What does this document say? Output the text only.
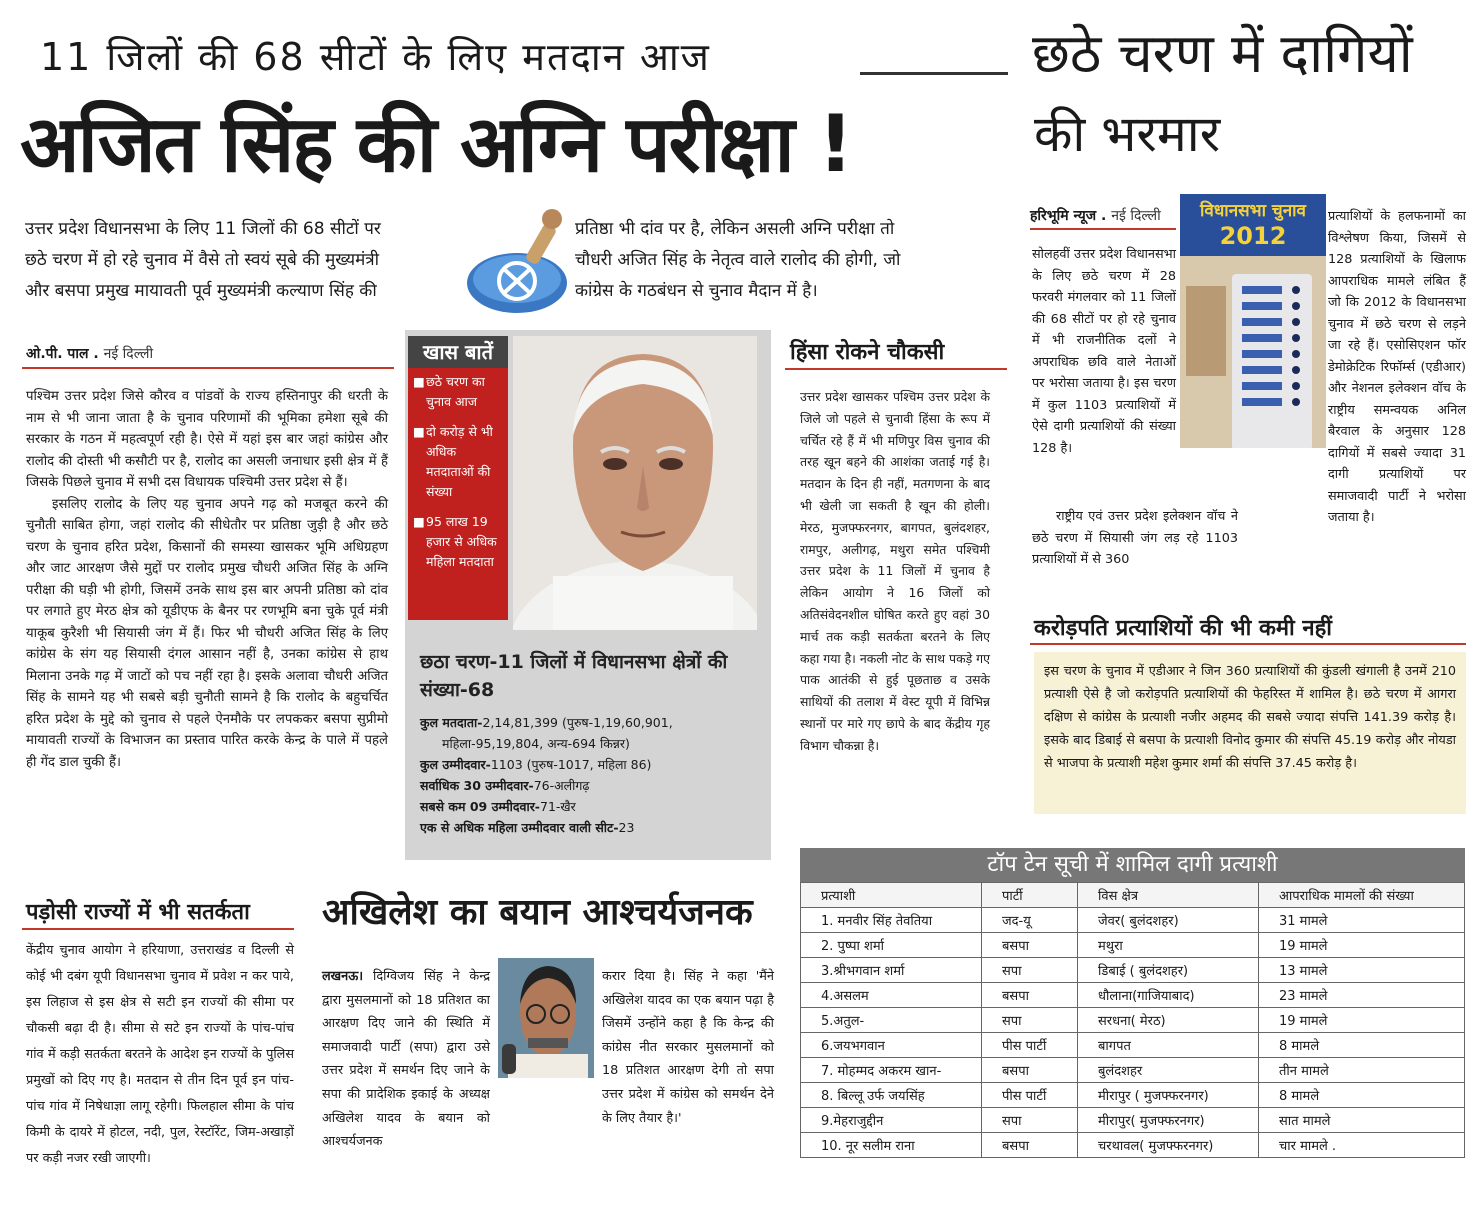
11 जिलों की 68 सीटों के लिए मतदान आज
अजित सिंह की अग्नि परीक्षा !
छठे चरण में दागियों
की भरमार
उत्तर प्रदेश विधानसभा के लिए 11 जिलों की 68 सीटों पर
छठे चरण में हो रहे चुनाव में वैसे तो स्वयं सूबे की मुख्यमंत्री
और बसपा प्रमुख मायावती पूर्व मुख्यमंत्री कल्याण सिंह की
प्रतिष्ठा भी दांव पर है, लेकिन असली अग्नि परीक्षा तो
चौधरी अजित सिंह के नेतृत्व वाले रालोद की होगी, जो
कांग्रेस के गठबंधन से चुनाव मैदान में है।
ओ.पी. पाल . नई दिल्ली

पश्चिम उत्तर प्रदेश जिसे कौरव व पांडवों के राज्य हस्तिनापुर की धरती के नाम से भी जाना जाता है के चुनाव परिणामों की भूमिका हमेशा सूबे की सरकार के गठन में महत्वपूर्ण रही है। ऐसे में यहां इस बार जहां कांग्रेस और रालोद की दोस्ती भी कसौटी पर है, रालोद का असली जनाधार इसी क्षेत्र में हैं जिसके पिछले चुनाव में सभी दस विधायक पश्चिमी उत्तर प्रदेश से हैं।

इसलिए रालोद के लिए यह चुनाव अपने गढ़ को मजबूत करने की चुनौती साबित होगा, जहां रालोद की सीधेतौर पर प्रतिष्ठा जुड़ी है और छठे चरण के चुनाव हरित प्रदेश, किसानों की समस्या खासकर भूमि अधिग्रहण और जाट आरक्षण जैसे मुद्दों पर रालोद प्रमुख चौधरी अजित सिंह के अग्नि परीक्षा की घड़ी भी होगी, जिसमें उनके साथ इस बार अपनी प्रतिष्ठा को दांव पर लगाते हुए मेरठ क्षेत्र को यूडीएफ के बैनर पर रणभूमि बना चुके पूर्व मंत्री याकूब कुरैशी भी सियासी जंग में हैं। फिर भी चौधरी अजित सिंह के लिए कांग्रेस के संग यह सियासी दंगल आसान नहीं है, उनका कांग्रेस से हाथ मिलाना उनके गढ़ में जाटों को पच नहीं रहा है। इसके अलावा चौधरी अजित सिंह के सामने यह भी सबसे बड़ी चुनौती सामने है कि रालोद के बहुचर्चित हरित प्रदेश के मुद्दे को चुनाव से पहले ऐनमौके पर लपककर बसपा सुप्रीमो मायावती राज्यों के विभाजन का प्रस्ताव पारित करके केन्द्र के पाले में पहले ही गेंद डाल चुकी हैं।

खास बातें
■ छठे चरण का चुनाव आज
■ दो करोड़ से भी अधिक मतदाताओं की संख्या
■ 95 लाख 19 हजार से अधिक महिला मतदाता
छठा चरण-11 जिलों में विधानसभा क्षेत्रों की संख्या-68
कुल मतदाता-2,14,81,399 (पुरुष-1,19,60,901, महिला-95,19,804, अन्य-694 किन्नर)
कुल उम्मीदवार-1103 (पुरुष-1017, महिला 86)
सर्वाधिक 30 उम्मीदवार-76-अलीगढ़
सबसे कम 09 उम्मीदवार-71-खैर
एक से अधिक महिला उम्मीदवार वाली सीट-23
हिंसा रोकने चौकसी

उत्तर प्रदेश खासकर पश्चिम उत्तर प्रदेश के जिले जो पहले से चुनावी हिंसा के रूप में चर्चित रहे हैं में भी मणिपुर विस चुनाव की तरह खून बहने की आशंका जताई गई है। मतदान के दिन ही नहीं, मतगणना के बाद भी खेली जा सकती है खून की होली। मेरठ, मुजफ्फरनगर, बागपत, बुलंदशहर, रामपुर, अलीगढ़, मथुरा समेत पश्चिमी उत्तर प्रदेश के 11 जिलों में चुनाव है लेकिन आयोग ने 16 जिलों को अतिसंवेदनशील घोषित करते हुए वहां 30 मार्च तक कड़ी सतर्कता बरतने के लिए कहा गया है। नकली नोट के साथ पकड़े गए पाक आतंकी से हुई पूछताछ व उसके साथियों की तलाश में वेस्ट यूपी में विभिन्न स्थानों पर मारे गए छापे के बाद केंद्रीय गृह विभाग चौकन्ना है।

पड़ोसी राज्यों में भी सतर्कता

केंद्रीय चुनाव आयोग ने हरियाणा, उत्तराखंड व दिल्ली से कोई भी दबंग यूपी विधानसभा चुनाव में प्रवेश न कर पाये, इस लिहाज से इस क्षेत्र से सटी इन राज्यों की सीमा पर चौकसी बढ़ा दी है। सीमा से सटे इन राज्यों के पांच-पांच गांव में कड़ी सतर्कता बरतने के आदेश इन राज्यों के पुलिस प्रमुखों को दिए गए है। मतदान से तीन दिन पूर्व इन पांच-पांच गांव में निषेधाज्ञा लागू रहेगी। फिलहाल सीमा के पांच किमी के दायरे में होटल, नदी, पुल, रेस्टॉरेंट, जिम-अखाड़ों पर कड़ी नजर रखी जाएगी।

अखिलेश का बयान आश्चर्यजनक
लखनऊ। दिग्विजय सिंह ने केन्द्र द्वारा मुसलमानों को 18 प्रतिशत का आरक्षण दिए जाने की स्थिति में समाजवादी पार्टी (सपा) द्वारा उसे उत्तर प्रदेश में समर्थन दिए जाने के सपा की प्रादेशिक इकाई के अध्यक्ष अखिलेश यादव के बयान को आश्चर्यजनक

करार दिया है। सिंह ने कहा 'मैंने अखिलेश यादव का एक बयान पढ़ा है जिसमें उन्होंने कहा है कि केन्द्र की कांग्रेस नीत सरकार मुसलमानों को 18 प्रतिशत आरक्षण देगी तो सपा उत्तर प्रदेश में कांग्रेस को समर्थन देने के लिए तैयार है।'

हरिभूमि न्यूज . नई दिल्ली

सोलहवीं उत्तर प्रदेश विधानसभा के लिए छठे चरण में 28 फरवरी मंगलवार को 11 जिलों की 68 सीटों पर हो रहे चुनाव में भी राजनीतिक दलों ने अपराधिक छवि वाले नेताओं पर भरोसा जताया है। इस चरण में कुल 1103 प्रत्याशियों में ऐसे दागी प्रत्याशियों की संख्या 128 है।

विधानसभा चुनाव
2012

राष्ट्रीय एवं उत्तर प्रदेश इलेक्शन वॉच ने छठे चरण में सियासी जंग लड़ रहे 1103 प्रत्याशियों में से 360

प्रत्याशियों के हलफनामों का विश्लेषण किया, जिसमें से 128 प्रत्याशियों के खिलाफ आपराधिक मामले लंबित हैं जो कि 2012 के विधानसभा चुनाव में छठे चरण से लड़ने जा रहे हैं। एसोसिएशन फॉर डेमोक्रेटिक रिफॉर्म्स (एडीआर) और नेशनल इलेक्शन वॉच के राष्ट्रीय समन्वयक अनिल बैरवाल के अनुसार 128 दागियों में सबसे ज्यादा 31 दागी प्रत्याशियों पर समाजवादी पार्टी ने भरोसा जताया है।

करोड़पति प्रत्याशियों की भी कमी नहीं

इस चरण के चुनाव में एडीआर ने जिन 360 प्रत्याशियों की कुंडली खंगाली है उनमें 210 प्रत्याशी ऐसे है जो करोड़पति प्रत्याशियों की फेहरिस्त में शामिल है। छठे चरण में आगरा दक्षिण से कांग्रेस के प्रत्याशी नजीर अहमद की सबसे ज्यादा संपत्ति 141.39 करोड़ है। इसके बाद डिबाई से बसपा के प्रत्याशी विनोद कुमार की संपत्ति 45.19 करोड़ और नोयडा से भाजपा के प्रत्याशी महेश कुमार शर्मा की संपत्ति 37.45 करोड़ है।

टॉप टेन सूची में शामिल दागी प्रत्याशी
प्रत्याशी	पार्टी	विस क्षेत्र	आपराधिक मामलों की संख्या
1. मनवीर सिंह तेवतिया	जद-यू	जेवर( बुलंदशहर)	31 मामले
2. पुष्पा शर्मा	बसपा	मथुरा	19 मामले
3.श्रीभगवान शर्मा	सपा	डिबाई ( बुलंदशहर)	13 मामले
4.असलम	बसपा	धौलाना(गाजियाबाद)	23 मामले
5.अतुल-	सपा	सरधना( मेरठ)	19 मामले
6.जयभगवान	पीस पार्टी	बागपत	8 मामले
7. मोहम्मद अकरम खान-	बसपा	बुलंदशहर	तीन मामले
8. बिल्लू उर्फ जयसिंह	पीस पार्टी	मीरापुर ( मुजफ्फरनगर)	8 मामले
9.मेहराजुद्दीन	सपा	मीरापुर( मुजफ्फरनगर)	सात मामले
10. नूर सलीम राना	बसपा	चरथावल( मुजफ्फरनगर)	चार मामले .
